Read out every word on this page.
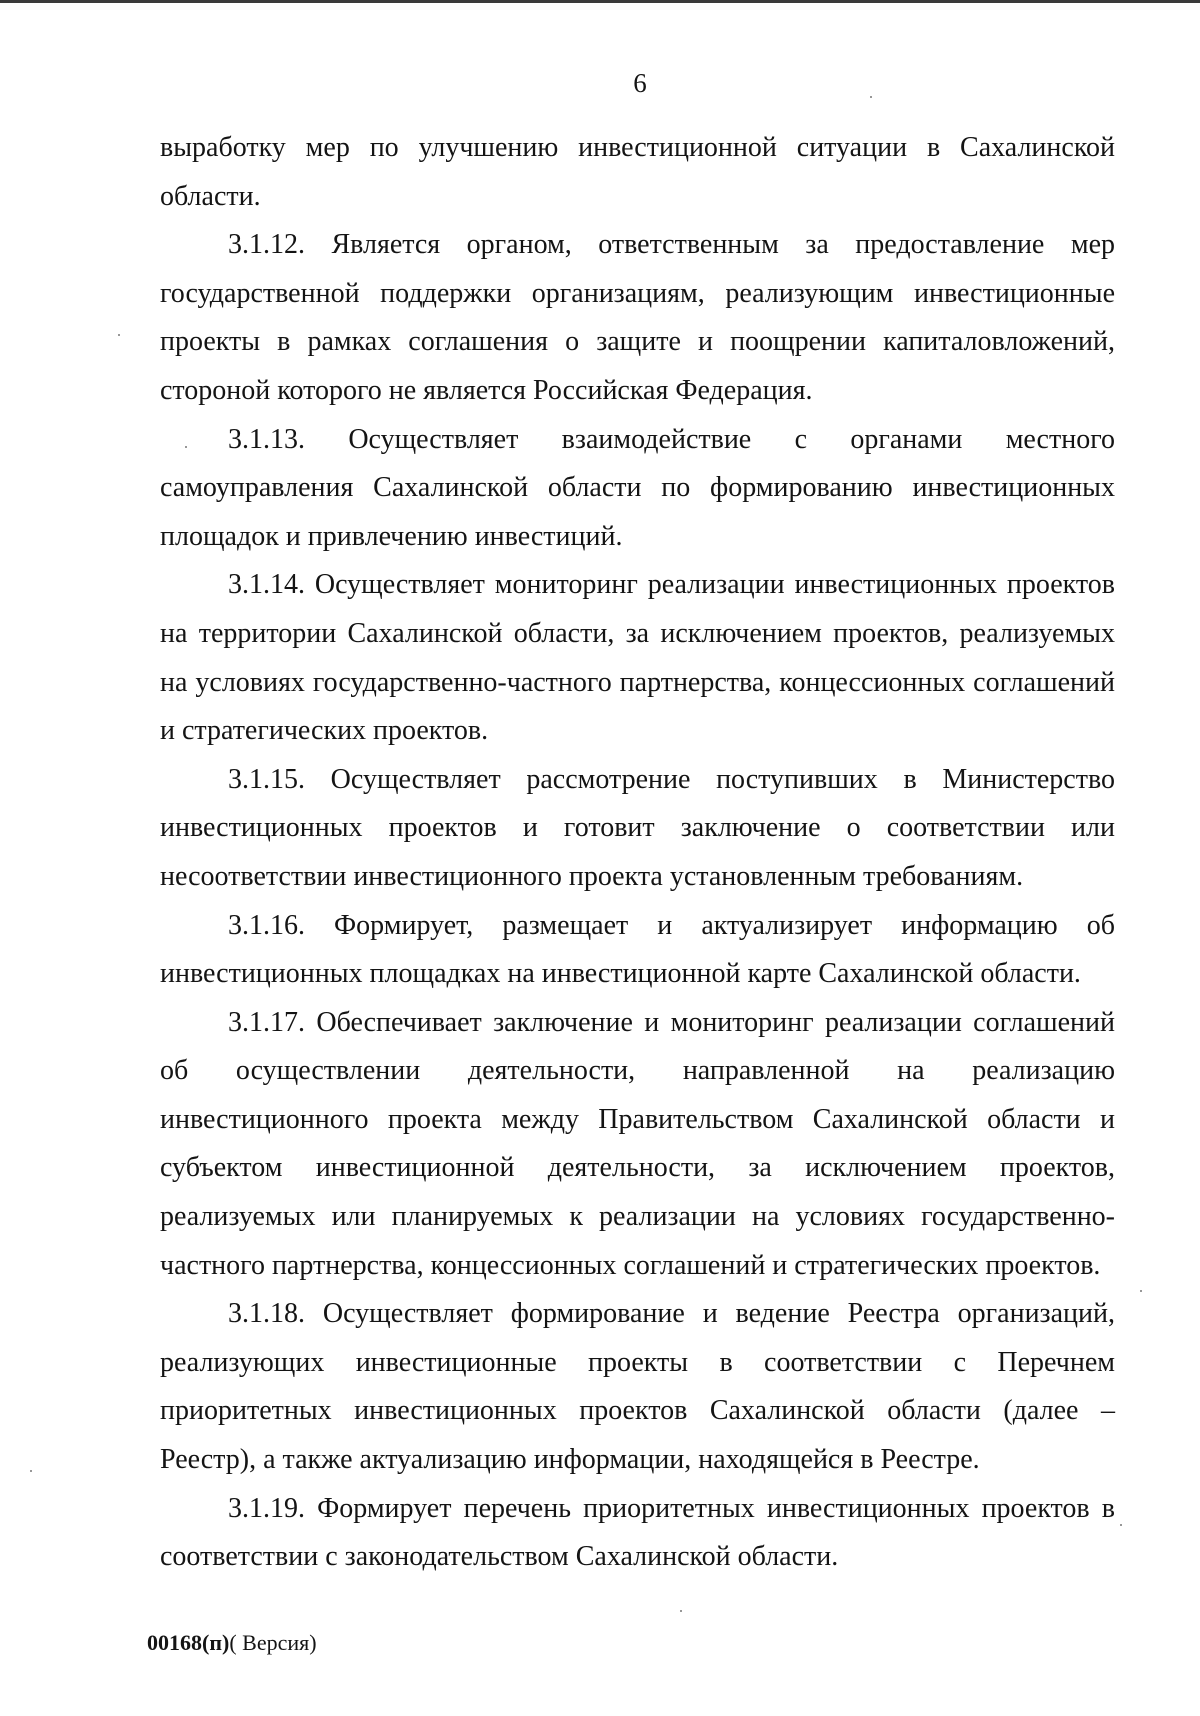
6

выработку мер по улучшению инвестиционной ситуации в Сахалинской области.

3.1.12. Является органом, ответственным за предоставление мер государственной поддержки организациям, реализующим инвестиционные проекты в рамках соглашения о защите и поощрении капиталовложений, стороной которого не является Российская Федерация.

3.1.13. Осуществляет взаимодействие с органами местного самоуправления Сахалинской области по формированию инвестиционных площадок и привлечению инвестиций.

3.1.14. Осуществляет мониторинг реализации инвестиционных проектов на территории Сахалинской области, за исключением проектов, реализуемых на условиях государственно-частного партнерства, концессионных соглашений и стратегических проектов.

3.1.15. Осуществляет рассмотрение поступивших в Министерство инвестиционных проектов и готовит заключение о соответствии или несоответствии инвестиционного проекта установленным требованиям.

3.1.16. Формирует, размещает и актуализирует информацию об инвестиционных площадках на инвестиционной карте Сахалинской области.

3.1.17. Обеспечивает заключение и мониторинг реализации соглашений об осуществлении деятельности, направленной на реализацию инвестиционного проекта между Правительством Сахалинской области и субъектом инвестиционной деятельности, за исключением проектов, реализуемых или планируемых к реализации на условиях государственно-частного партнерства, концессионных соглашений и стратегических проектов.

3.1.18. Осуществляет формирование и ведение Реестра организаций, реализующих инвестиционные проекты в соответствии с Перечнем приоритетных инвестиционных проектов Сахалинской области (далее – Реестр), а также актуализацию информации, находящейся в Реестре.

3.1.19. Формирует перечень приоритетных инвестиционных проектов в соответствии с законодательством Сахалинской области.

00168(п)( Версия)
